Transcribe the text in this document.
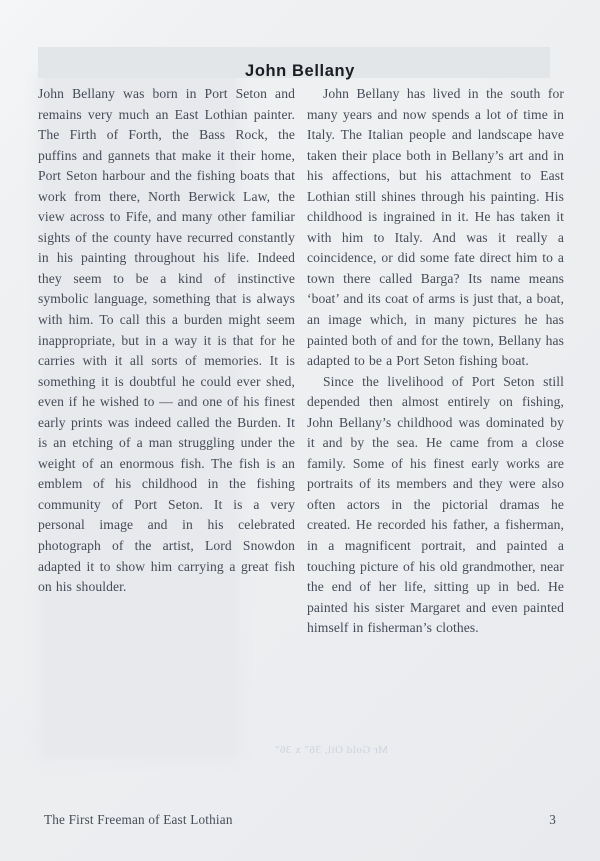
John Bellany

John Bellany was born in Port Seton and remains very much an East Lothian painter. The Firth of Forth, the Bass Rock, the puffins and gannets that make it their home, Port Seton harbour and the fishing boats that work from there, North Berwick Law, the view across to Fife, and many other familiar sights of the county have recurred constantly in his painting throughout his life. Indeed they seem to be a kind of instinctive symbolic language, something that is always with him. To call this a burden might seem inappropriate, but in a way it is that for he carries with it all sorts of memories. It is something it is doubtful he could ever shed, even if he wished to — and one of his finest early prints was indeed called the Burden. It is an etching of a man struggling under the weight of an enormous fish. The fish is an emblem of his childhood in the fishing community of Port Seton. It is a very personal image and in his celebrated photograph of the artist, Lord Snowdon adapted it to show him carrying a great fish on his shoulder.

John Bellany has lived in the south for many years and now spends a lot of time in Italy. The Italian people and landscape have taken their place both in Bellany’s art and in his affections, but his attachment to East Lothian still shines through his painting. His childhood is ingrained in it. He has taken it with him to Italy. And was it really a coincidence, or did some fate direct him to a town there called Barga? Its name means ‘boat’ and its coat of arms is just that, a boat, an image which, in many pictures he has painted both of and for the town, Bellany has adapted to be a Port Seton fishing boat.

Since the livelihood of Port Seton still depended then almost entirely on fishing, John Bellany’s childhood was dominated by it and by the sea. He came from a close family. Some of his finest early works are portraits of its members and they were also often actors in the pictorial dramas he created. He recorded his father, a fisherman, in a magnificent portrait, and painted a touching picture of his old grandmother, near the end of her life, sitting up in bed. He painted his sister Margaret and even painted himself in fisherman’s clothes.

Mr Gold Oil, 36" x 36"
The First Freeman of East Lothian	3
